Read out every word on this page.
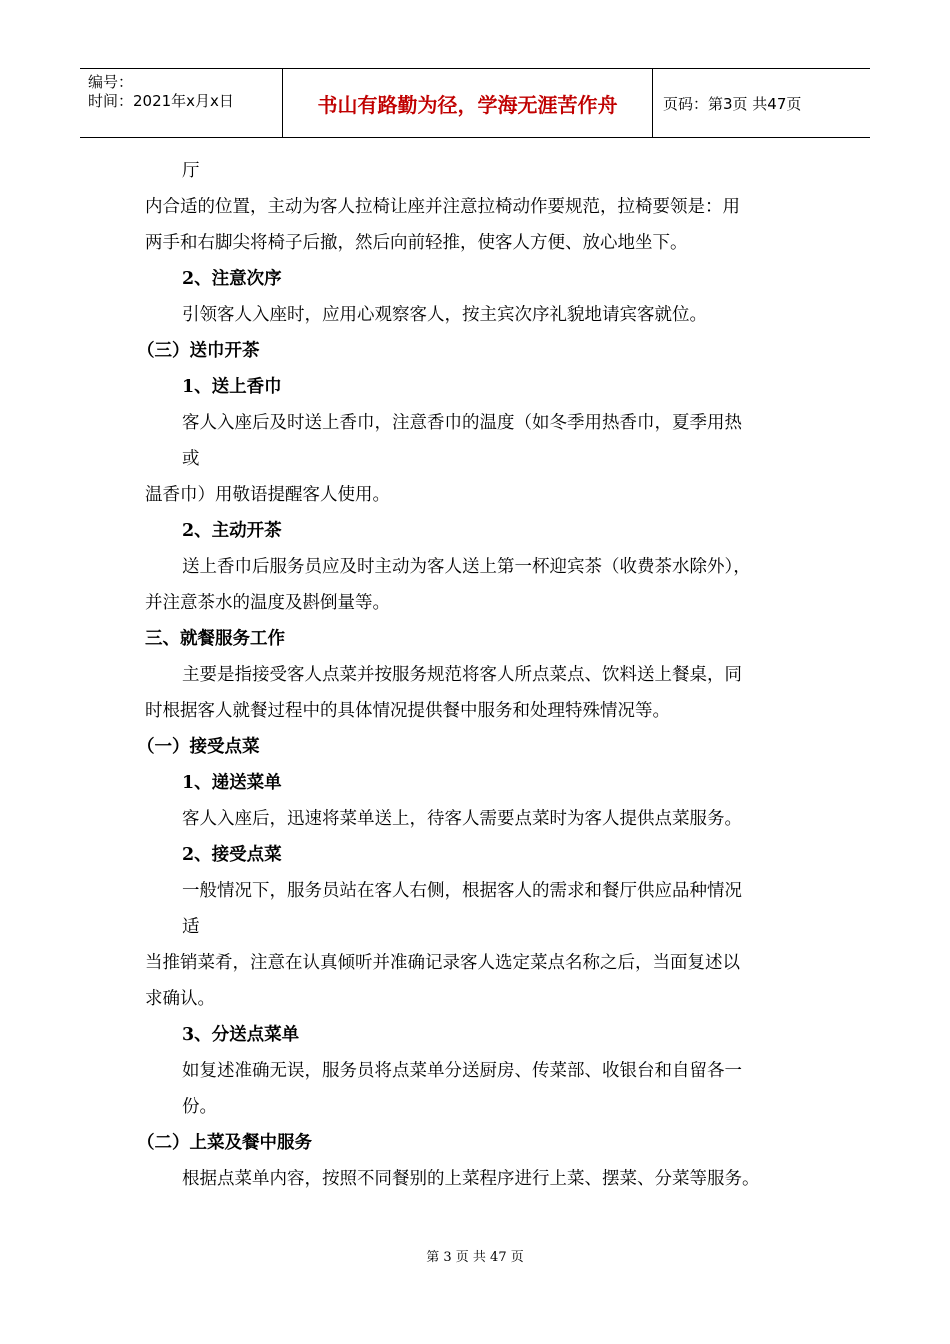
编号：
时间：2021年x月x日	书山有路勤为径，学海无涯苦作舟	页码：第3页 共47页

厅

内合适的位置，主动为客人拉椅让座并注意拉椅动作要规范，拉椅要领是：用

两手和右脚尖将椅子后撤，然后向前轻推，使客人方便、放心地坐下。

2、注意次序

引领客人入座时，应用心观察客人，按主宾次序礼貌地请宾客就位。

（三）送巾开茶

1、送上香巾

客人入座后及时送上香巾，注意香巾的温度（如冬季用热香巾，夏季用热

或

温香巾）用敬语提醒客人使用。

2、主动开茶

送上香巾后服务员应及时主动为客人送上第一杯迎宾茶（收费茶水除外），

并注意茶水的温度及斟倒量等。

三、就餐服务工作

主要是指接受客人点菜并按服务规范将客人所点菜点、饮料送上餐桌，同

时根据客人就餐过程中的具体情况提供餐中服务和处理特殊情况等。

（一）接受点菜

1、递送菜单

客人入座后，迅速将菜单送上，待客人需要点菜时为客人提供点菜服务。

2、接受点菜

一般情况下，服务员站在客人右侧，根据客人的需求和餐厅供应品种情况

适

当推销菜肴，注意在认真倾听并准确记录客人选定菜点名称之后，当面复述以

求确认。

3、分送点菜单

如复述准确无误，服务员将点菜单分送厨房、传菜部、收银台和自留各一

份。

（二）上菜及餐中服务

根据点菜单内容，按照不同餐别的上菜程序进行上菜、摆菜、分菜等服务。

第 3 页 共 47 页
